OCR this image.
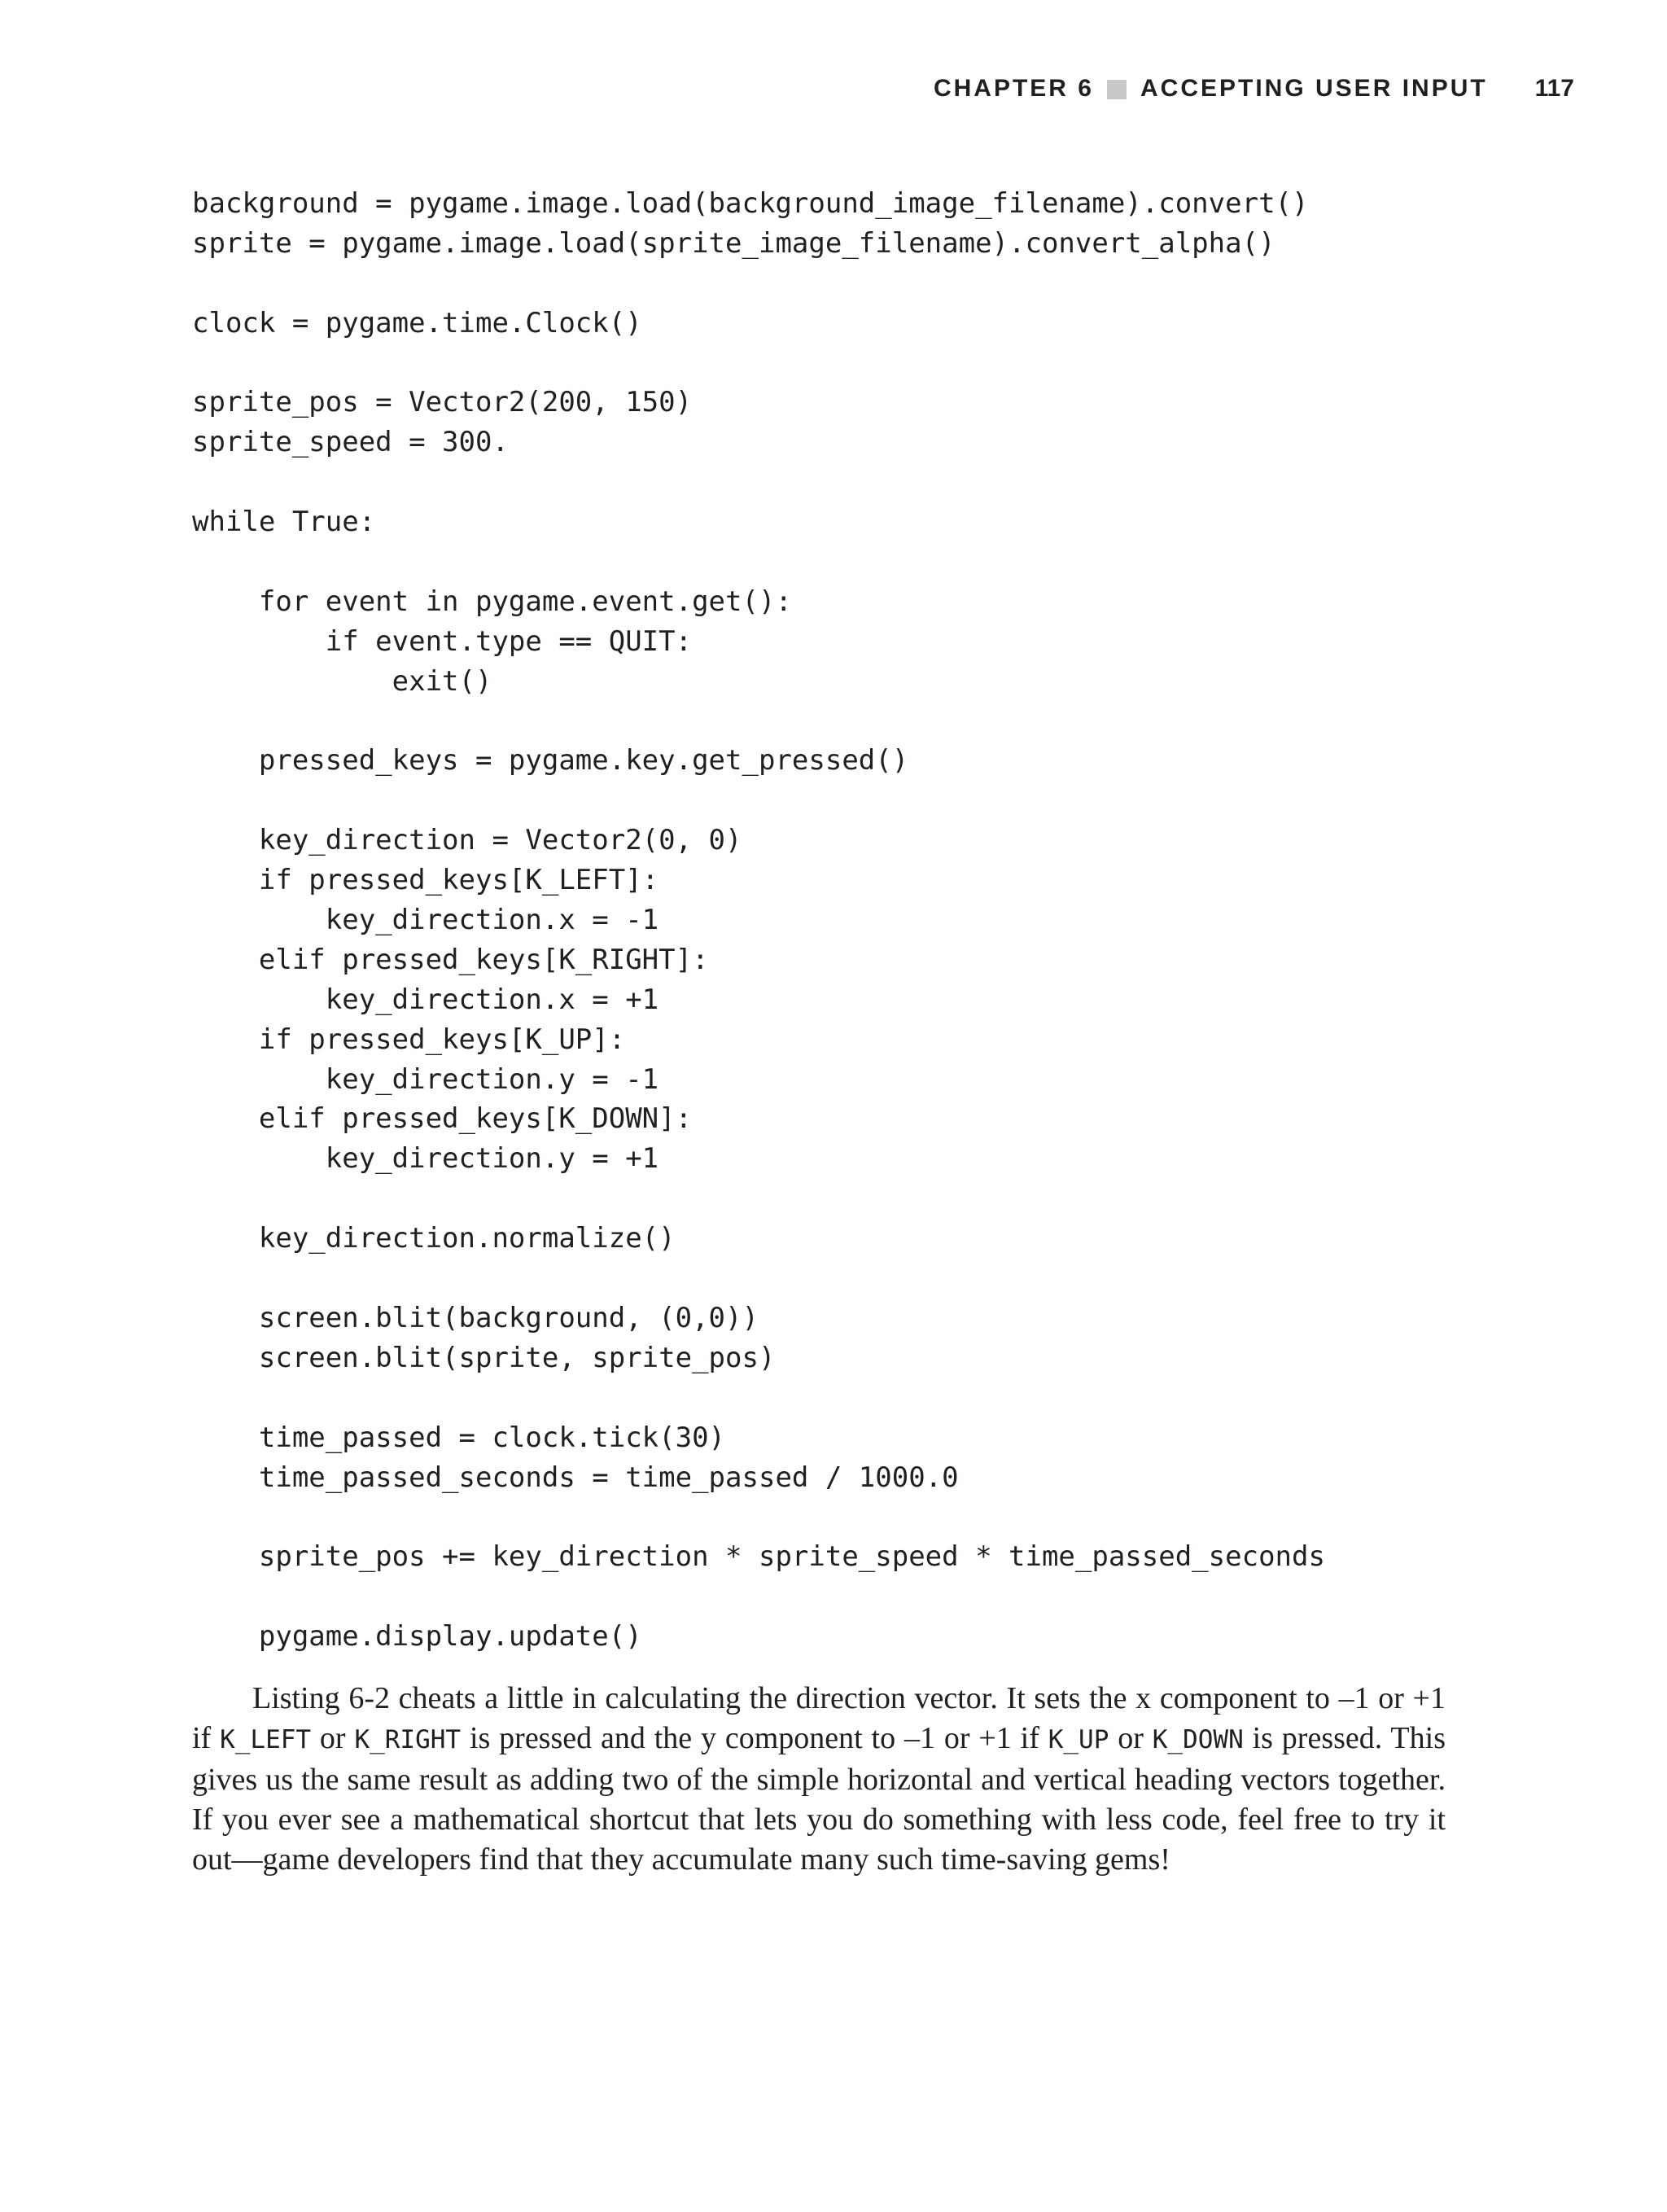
CHAPTER 6 ACCEPTING USER INPUT 117
background = pygame.image.load(background_image_filename).convert()
sprite = pygame.image.load(sprite_image_filename).convert_alpha()
clock = pygame.time.Clock()
sprite_pos = Vector2(200, 150)
sprite_speed = 300.
while True:
for event in pygame.event.get():
if event.type == QUIT:
exit()
pressed_keys = pygame.key.get_pressed()
key_direction = Vector2(0, 0)
if pressed_keys[K_LEFT]:
key_direction.x = -1
elif pressed_keys[K_RIGHT]:
key_direction.x = +1
if pressed_keys[K_UP]:
key_direction.y = -1
elif pressed_keys[K_DOWN]:
key_direction.y = +1
key_direction.normalize()
screen.blit(background, (0,0))
screen.blit(sprite, sprite_pos)
time_passed = clock.tick(30)
time_passed_seconds = time_passed / 1000.0
sprite_pos += key_direction * sprite_speed * time_passed_seconds
pygame.display.update()
Listing 6-2 cheats a little in calculating the direction vector. It sets the x component to –1 or +1 if K_LEFT or K_RIGHT is pressed and the y component to –1 or +1 if K_UP or K_DOWN is pressed. This gives us the same result as adding two of the simple horizontal and vertical heading vectors together. If you ever see a mathematical shortcut that lets you do something with less code, feel free to try it out—game developers find that they accumulate many such time-saving gems!
